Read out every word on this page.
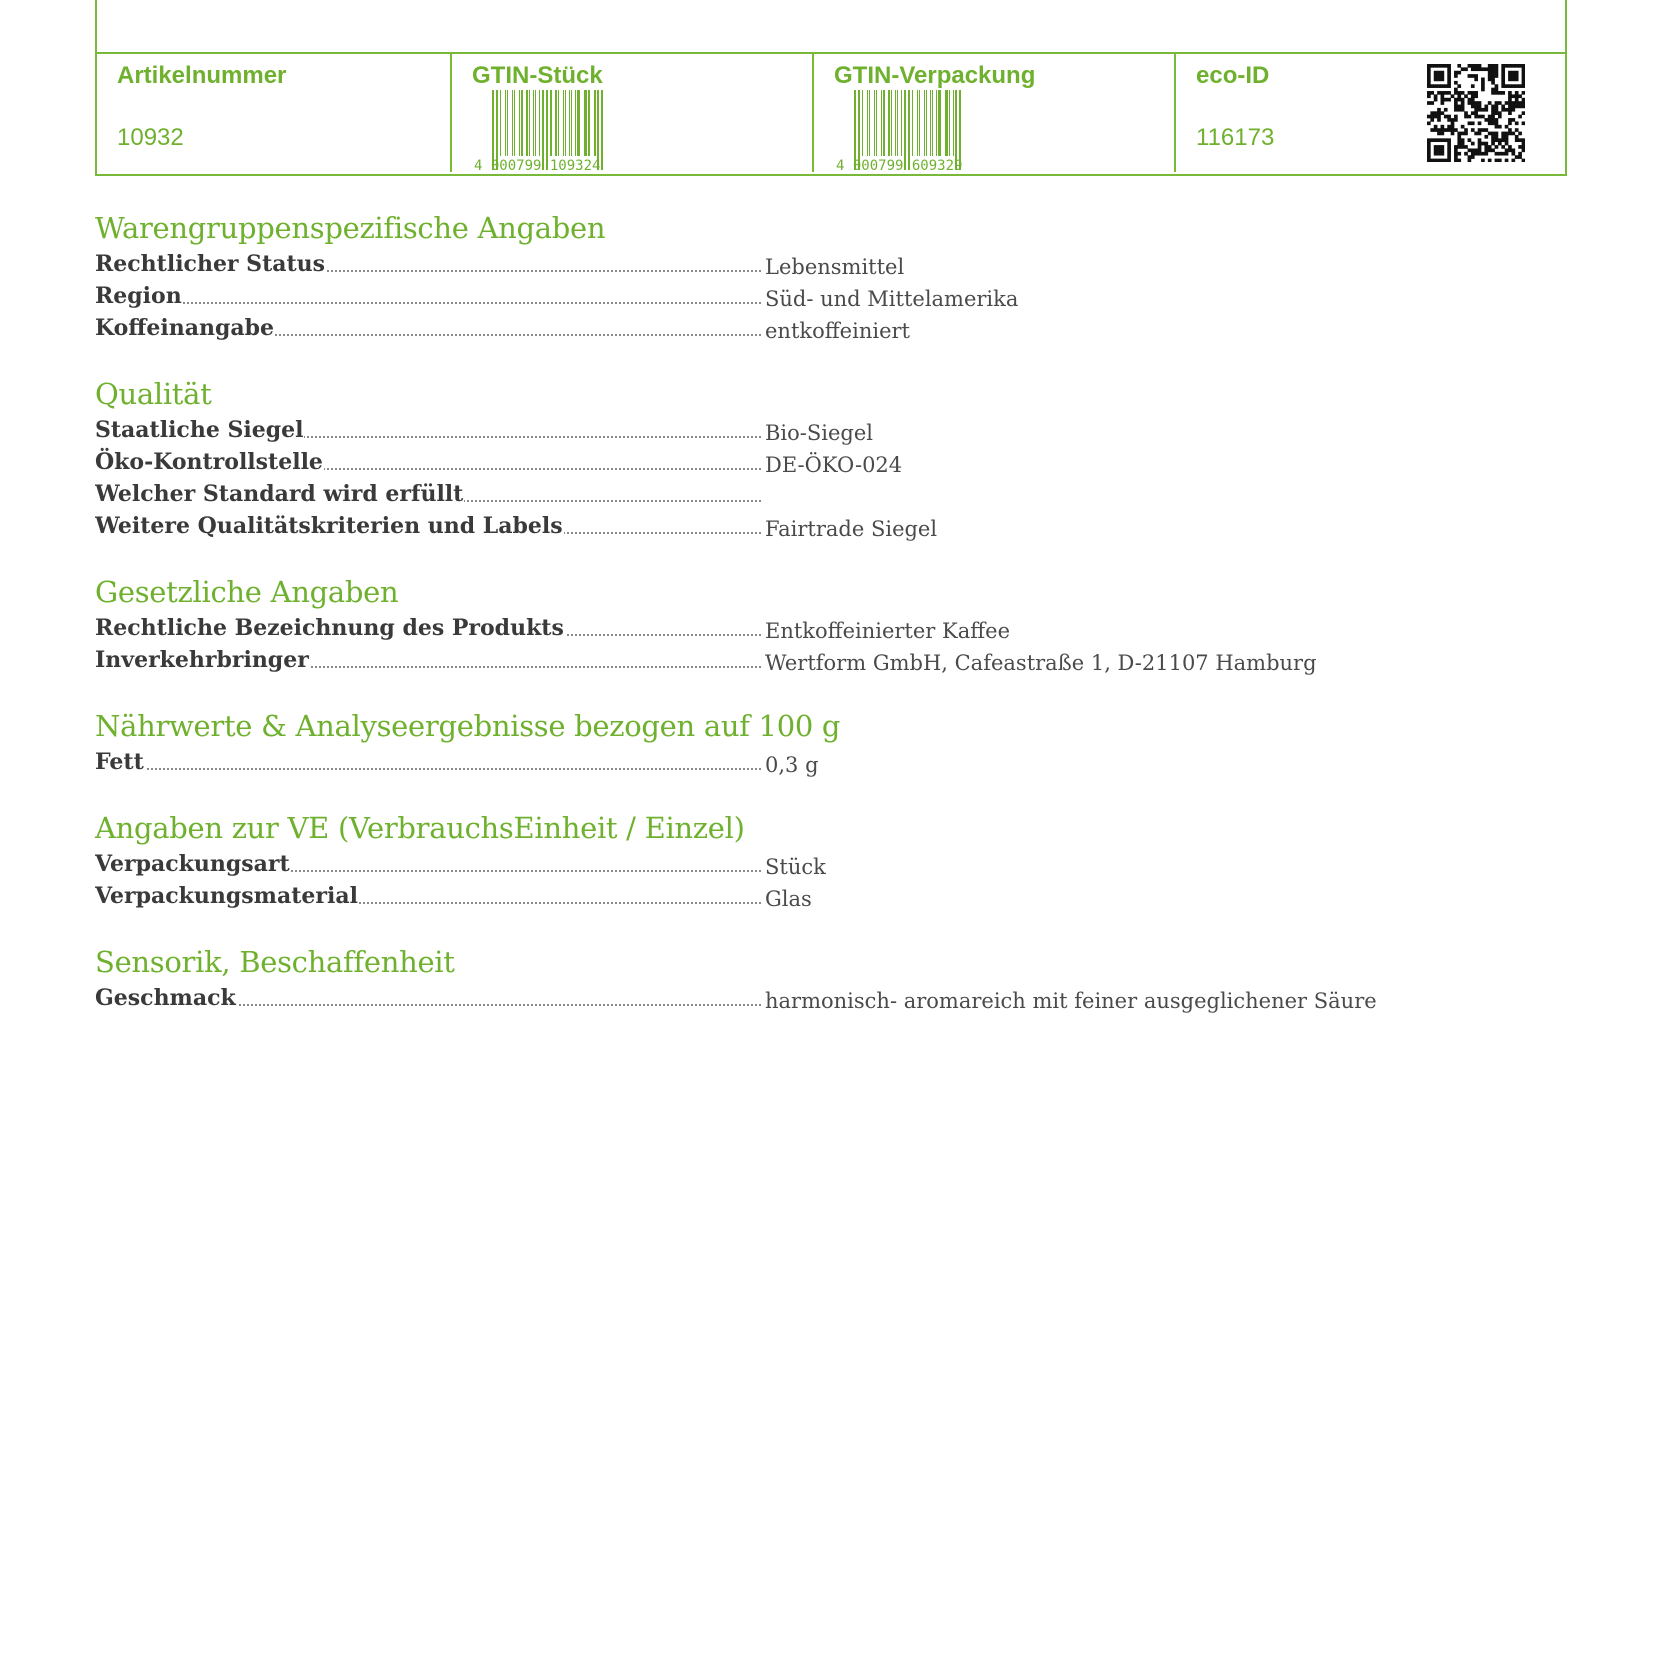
Artikelnummer
10932
GTIN-Stück
4 000799 109324
GTIN-Verpackung
4 000799 609329
eco-ID
116173
Warengruppenspezifische Angaben
Rechtlicher Status	Lebensmittel
Region	Süd- und Mittelamerika
Koffeinangabe	entkoffeiniert
Qualität
Staatliche Siegel	Bio-Siegel
Öko-Kontrollstelle	DE-ÖKO-024
Welcher Standard wird erfüllt
Weitere Qualitätskriterien und Labels	Fairtrade Siegel
Gesetzliche Angaben
Rechtliche Bezeichnung des Produkts	Entkoffeinierter Kaffee
Inverkehrbringer	Wertform GmbH, Cafeastraße 1, D-21107 Hamburg
Nährwerte & Analyseergebnisse bezogen auf 100 g
Fett	0,3 g
Angaben zur VE (VerbrauchsEinheit / Einzel)
Verpackungsart	Stück
Verpackungsmaterial	Glas
Sensorik, Beschaffenheit
Geschmack	harmonisch- aromareich mit feiner ausgeglichener Säure
